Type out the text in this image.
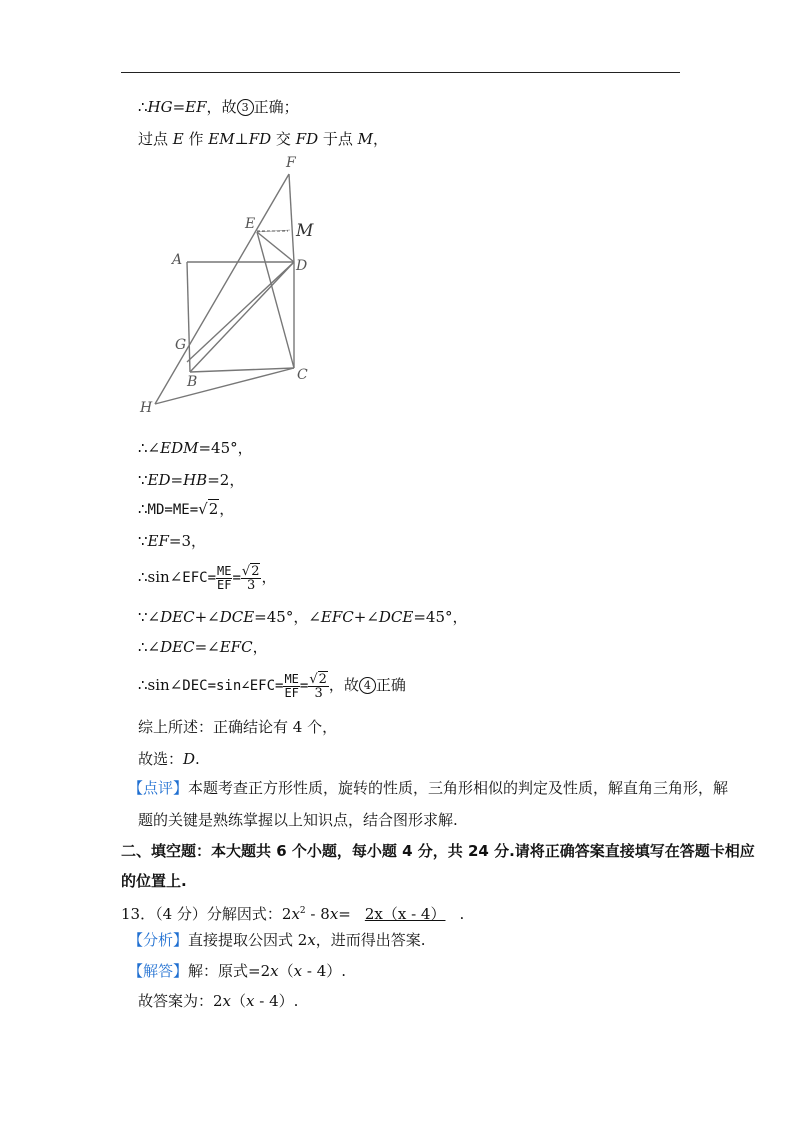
∴HG=EF，故 3 正确；
过点 E 作 EM⊥FD 交 FD 于点 M，
F
E M
A	D
G
B	C
H
∴∠EDM=45°，
∵ED=HB=2，
∴MD=ME=√2，
∵EF=3，
∴sin∠EFC= $\frac{ME}{EF} = \frac{√2}{3}$ ，
∵∠DEC+∠DCE=45°，∠EFC+∠DCE=45°，
∴∠DEC=∠EFC，
∴sin∠DEC=sin∠EFC= $\frac{ME}{EF} = \frac{√2}{3}$ ，故 4 正确
综上所述：正确结论有 4 个，
故选：D.
【点评】本题考查正方形性质，旋转的性质，三角形相似的判定及性质，解直角三角形，解
题的关键是熟练掌握以上知识点，结合图形求解.
二、填空题：本大题共 6 个小题，每小题 4 分，共 24 分.请将正确答案直接填写在答题卡相应
的位置上.
13．（4 分）分解因式：$2x^2 - 8x= 2x(x - 4)$ .
【分析】直接提取公因式 2x，进而得出答案.
【解答】解：原式=2x（x - 4）.
故答案为：2x（x - 4）.
